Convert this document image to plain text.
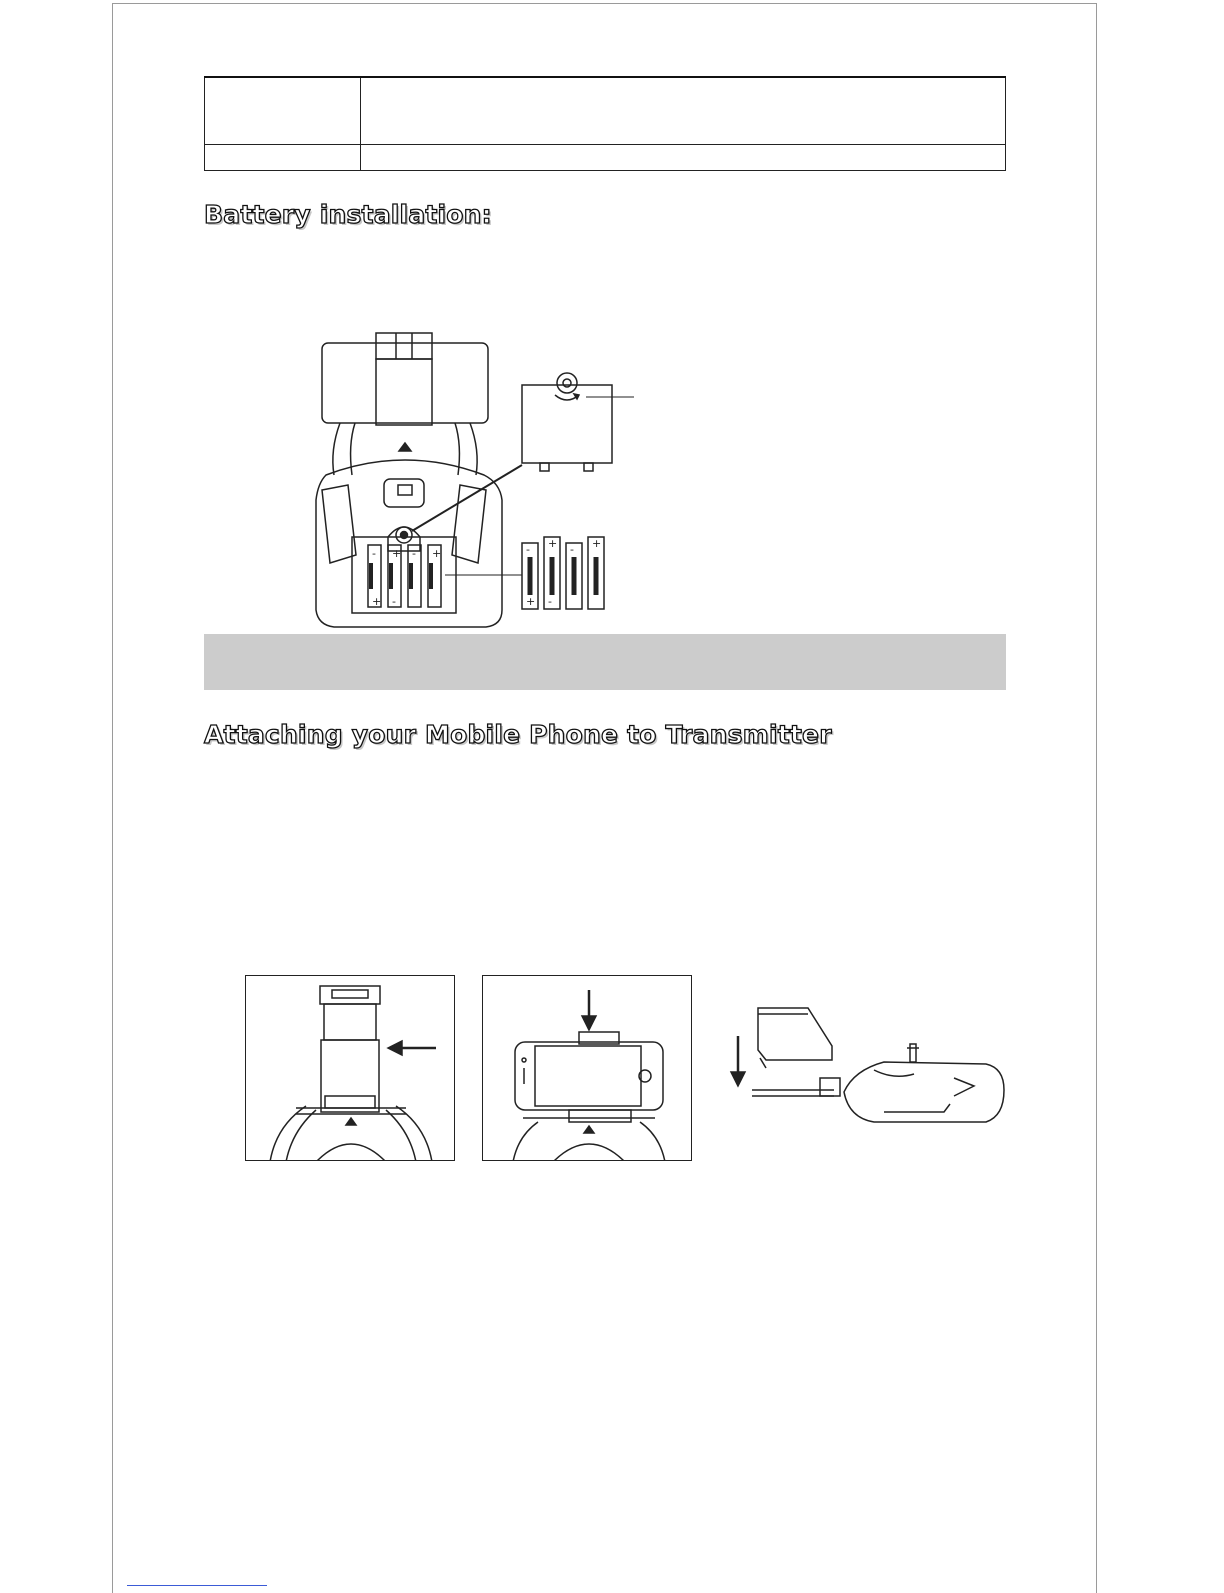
Battery installation:
- +
+ -
- +	- +
+ -
- +
Attaching your Mobile Phone to Transmitter
